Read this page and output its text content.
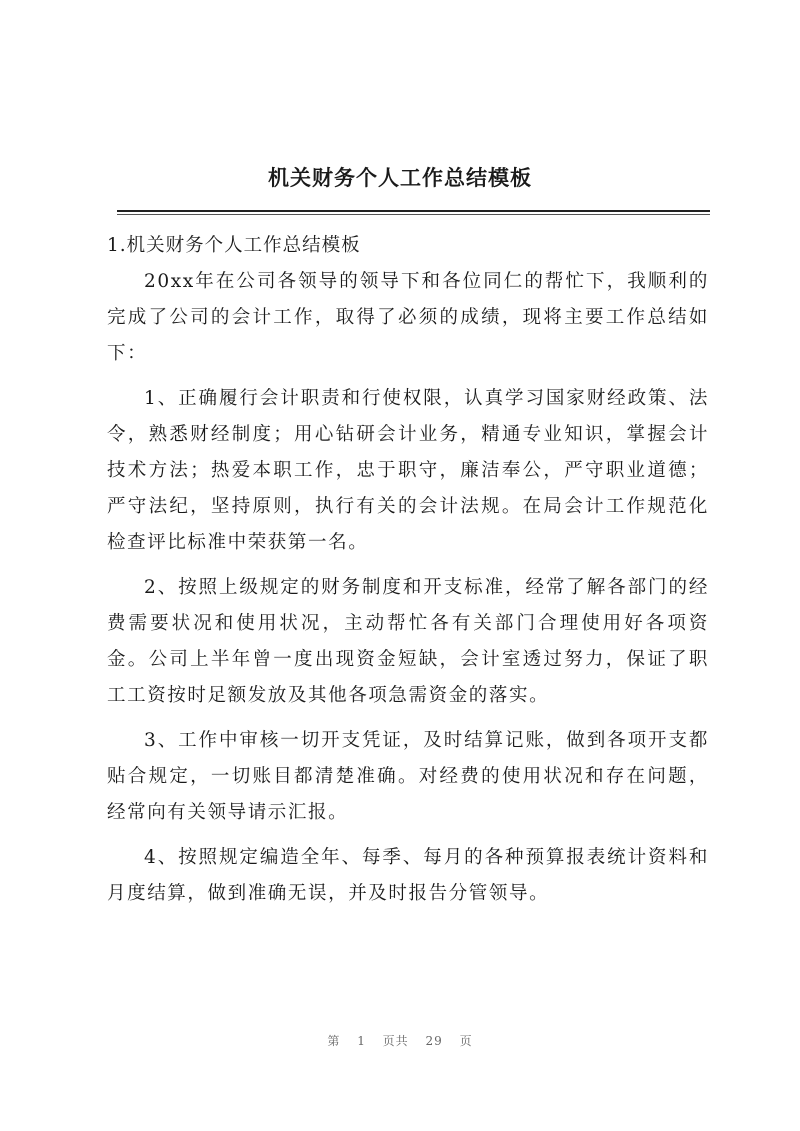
机关财务个人工作总结模板

1.机关财务个人工作总结模板

20xx年在公司各领导的领导下和各位同仁的帮忙下，我顺利的完成了公司的会计工作，取得了必须的成绩，现将主要工作总结如下：

1、正确履行会计职责和行使权限，认真学习国家财经政策、法令，熟悉财经制度；用心钻研会计业务，精通专业知识，掌握会计技术方法；热爱本职工作，忠于职守，廉洁奉公，严守职业道德；严守法纪，坚持原则，执行有关的会计法规。在局会计工作规范化检查评比标准中荣获第一名。

2、按照上级规定的财务制度和开支标准，经常了解各部门的经费需要状况和使用状况，主动帮忙各有关部门合理使用好各项资金。公司上半年曾一度出现资金短缺，会计室透过努力，保证了职工工资按时足额发放及其他各项急需资金的落实。

3、工作中审核一切开支凭证，及时结算记账，做到各项开支都贴合规定，一切账目都清楚准确。对经费的使用状况和存在问题，经常向有关领导请示汇报。

4、按照规定编造全年、每季、每月的各种预算报表统计资料和月度结算，做到准确无误，并及时报告分管领导。

第 1 页共 29 页
